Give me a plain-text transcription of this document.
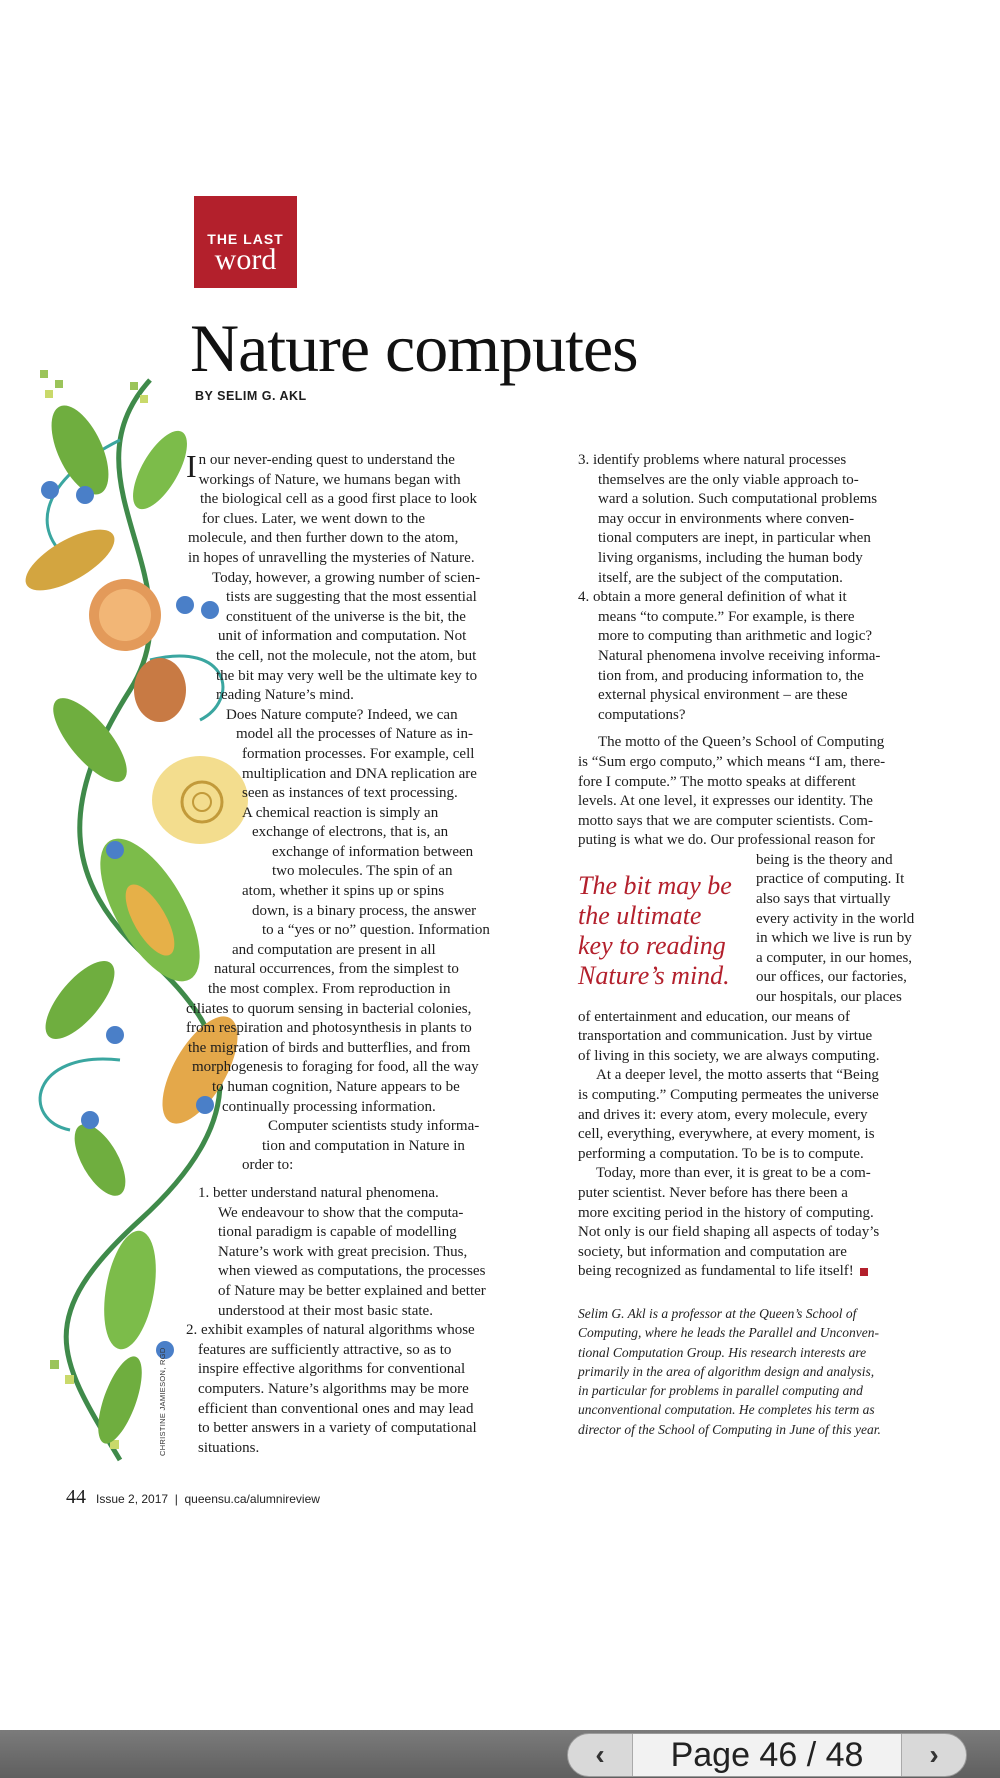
THE LAST
word
Nature computes
BY SELIM G. AKL
CHRISTINE JAMIESON, RGD
I n our never-ending quest to understand the
workings of Nature, we humans began with
the biological cell as a good first place to look
for clues. Later, we went down to the
molecule, and then further down to the atom,
in hopes of unravelling the mysteries of Nature.
Today, however, a growing number of scien-
tists are suggesting that the most essential
constituent of the universe is the bit, the
unit of information and computation. Not
the cell, not the molecule, not the atom, but
the bit may very well be the ultimate key to
reading Nature’s mind.
Does Nature compute? Indeed, we can
model all the processes of Nature as in-
formation processes. For example, cell
multiplication and DNA replication are
seen as instances of text processing.
A chemical reaction is simply an
exchange of electrons, that is, an
exchange of information between
two molecules. The spin of an
atom, whether it spins up or spins
down, is a binary process, the answer
to a “yes or no” question. Information
and computation are present in all
natural occurrences, from the simplest to
the most complex. From reproduction in
ciliates to quorum sensing in bacterial colonies,
from respiration and photosynthesis in plants to
the migration of birds and butterflies, and from
morphogenesis to foraging for food, all the way
to human cognition, Nature appears to be
continually processing information.
Computer scientists study informa-
tion and computation in Nature in
order to:

1. better understand natural phenomena.
We endeavour to show that the computa-
tional paradigm is capable of modelling
Nature’s work with great precision. Thus,
when viewed as computations, the processes
of Nature may be better explained and better
understood at their most basic state.
2. exhibit examples of natural algorithms whose
features are sufficiently attractive, so as to
inspire effective algorithms for conventional
computers. Nature’s algorithms may be more
efficient than conventional ones and may lead
to better answers in a variety of computational
situations.
3. identify problems where natural processes
themselves are the only viable approach to-
ward a solution. Such computational problems
may occur in environments where conven-
tional computers are inept, in particular when
living organisms, including the human body
itself, are the subject of the computation.
4. obtain a more general definition of what it
means “to compute.” For example, is there
more to computing than arithmetic and logic?
Natural phenomena involve receiving informa-
tion from, and producing information to, the
external physical environment – are these
computations?

The motto of the Queen’s School of Computing
is “Sum ergo computo,” which means “I am, there-
fore I compute.” The motto speaks at different
levels. At one level, it expresses our identity. The
motto says that we are computer scientists. Com-
puting is what we do. Our professional reason for
being is the theory and
practice of computing. It
also says that virtually
every activity in the world
in which we live is run by
a computer, in our homes,
our offices, our factories,
our hospitals, our places
of entertainment and education, our means of
transportation and communication. Just by virtue
of living in this society, we are always computing.
At a deeper level, the motto asserts that “Being
is computing.” Computing permeates the universe
and drives it: every atom, every molecule, every
cell, everything, everywhere, at every moment, is
performing a computation. To be is to compute.
Today, more than ever, it is great to be a com-
puter scientist. Never before has there been a
more exciting period in the history of computing.
Not only is our field shaping all aspects of today’s
society, but information and computation are
being recognized as fundamental to life itself!
The bit may be
the ultimate
key to reading
Nature’s mind.
Selim G. Akl is a professor at the Queen’s School of
Computing, where he leads the Parallel and Unconven-
tional Computation Group. His research interests are
primarily in the area of algorithm design and analysis,
in particular for problems in parallel computing and
unconventional computation. He completes his term as
director of the School of Computing in June of this year.
44 Issue 2, 2017  |  queensu.ca/alumnireview
‹	Page 46 / 48	›
